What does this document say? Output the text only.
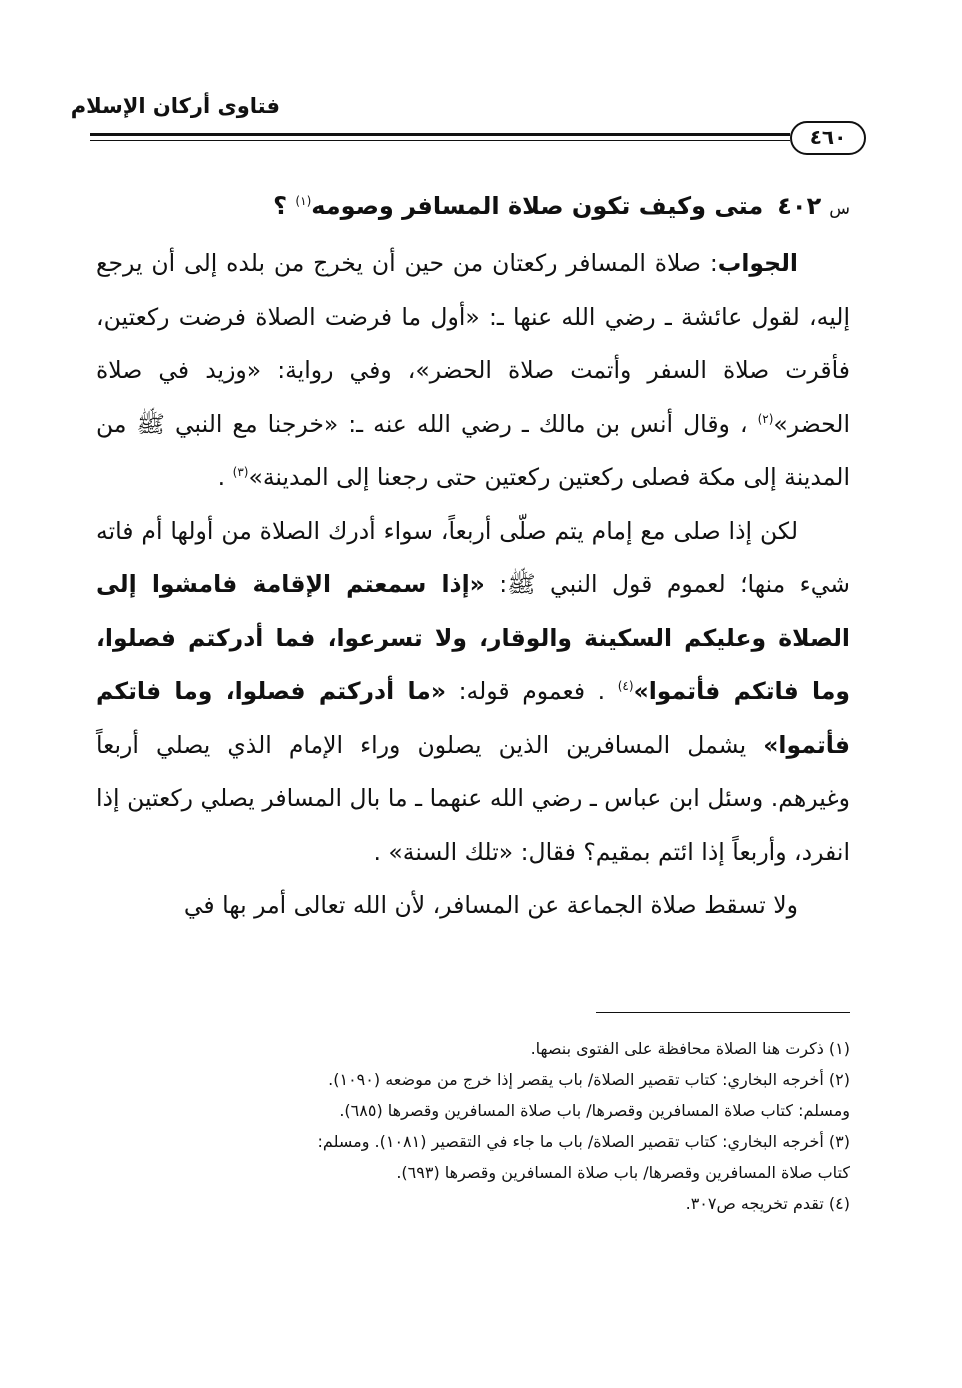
فتاوى أركان الإسلام
٤٦٠

س٤٠٢متى وكيف تكون صلاة المسافر وصومه$^{(١)}$ ؟

الجواب: صلاة المسافر ركعتان من حين أن يخرج من بلده إلى أن يرجع إليه، لقول عائشة ـ رضي الله عنها ـ: «أول ما فرضت الصلاة فرضت ركعتين، فأقرت صلاة السفر وأتمت صلاة الحضر»، وفي رواية: «وزيد في صلاة الحضر»$^{(٢)}$ ، وقال أنس بن مالك ـ رضي الله عنه ـ: «خرجنا مع النبي ﷺ من المدينة إلى مكة فصلى ركعتين ركعتين حتى رجعنا إلى المدينة»$^{(٣)}$ .

لكن إذا صلى مع إمام يتم صلّى أربعاً، سواء أدرك الصلاة من أولها أم فاته شيء منها؛ لعموم قول النبي ﷺ: «إذا سمعتم الإقامة فامشوا إلى الصلاة وعليكم السكينة والوقار، ولا تسرعوا، فما أدركتم فصلوا، وما فاتكم فأتموا»$^{(٤)}$ . فعموم قوله: «ما أدركتم فصلوا، وما فاتكم فأتموا» يشمل المسافرين الذين يصلون وراء الإمام الذي يصلي أربعاً وغيرهم. وسئل ابن عباس ـ رضي الله عنهما ـ ما بال المسافر يصلي ركعتين إذا انفرد، وأربعاً إذا ائتم بمقيم؟ فقال: «تلك السنة» .

ولا تسقط صلاة الجماعة عن المسافر، لأن الله تعالى أمر بها في

(١) ذكرت هنا الصلاة محافظة على الفتوى بنصها.

(٢) أخرجه البخاري: كتاب تقصير الصلاة/ باب يقصر إذا خرج من موضعه (١٠٩٠).

ومسلم: كتاب صلاة المسافرين وقصرها/ باب صلاة المسافرين وقصرها (٦٨٥).

(٣) أخرجه البخاري: كتاب تقصير الصلاة/ باب ما جاء في التقصير (١٠٨١). ومسلم:

كتاب صلاة المسافرين وقصرها/ باب صلاة المسافرين وقصرها (٦٩٣).

(٤) تقدم تخريجه ص٣٠٧.
